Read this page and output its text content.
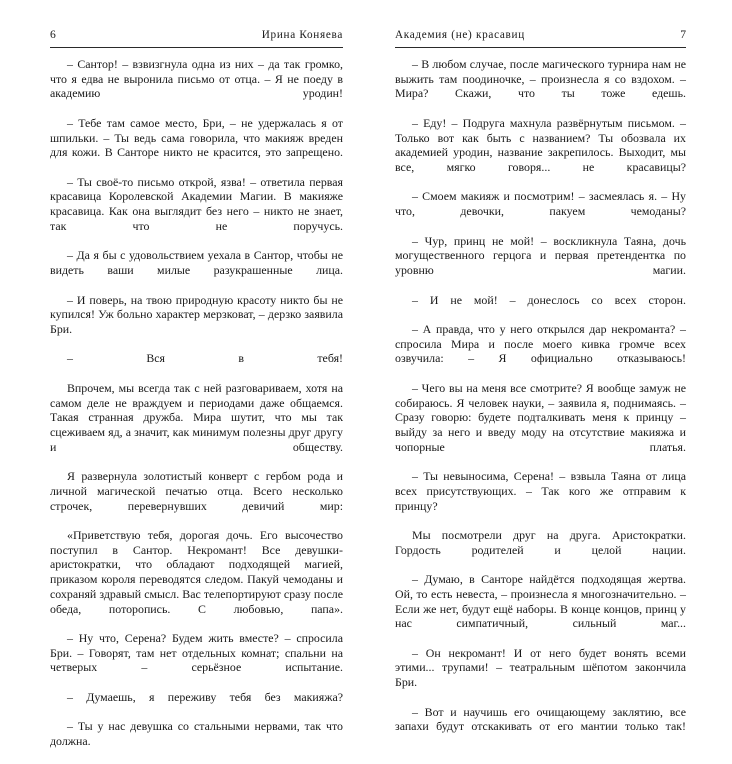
6	Ирина Коняева

– Сантор! – взвизгнула одна из них – да так громко, что я едва не выронила письмо от отца. – Я не поеду в академию уродин!

– Тебе там самое место, Бри, – не удержалась я от шпильки. – Ты ведь сама говорила, что макияж вреден для кожи. В Санторе никто не красится, это запрещено.

– Ты своё-то письмо открой, язва! – ответила первая красавица Королевской Академии Магии. В макияже красавица. Как она выглядит без него – никто не знает, так что не поручусь.

– Да я бы с удовольствием уехала в Сантор, чтобы не видеть ваши милые разукрашенные лица.

– И поверь, на твою природную красоту никто бы не купился! Уж больно характер мерзковат, – дерзко заявила Бри.

– Вся в тебя!

Впрочем, мы всегда так с ней разговариваем, хотя на самом деле не враждуем и периодами даже общаемся. Такая странная дружба. Мира шутит, что мы так сцеживаем яд, а значит, как минимум полезны друг другу и обществу.

Я развернула золотистый конверт с гербом рода и личной магической печатью отца. Всего несколько строчек, перевернувших девичий мир:

«Приветствую тебя, дорогая дочь. Его высочество поступил в Сантор. Некромант! Все девушки-аристократки, что обладают подходящей магией, приказом короля переводятся следом. Пакуй чемоданы и сохраняй здравый смысл. Вас телепортируют сразу после обеда, поторопись. С любовью, папа».

– Ну что, Серена? Будем жить вместе? – спросила Бри. – Говорят, там нет отдельных комнат; спальни на четверых – серьёзное испытание.

– Думаешь, я переживу тебя без макияжа?

– Ты у нас девушка со стальными нервами, так что должна.

Академия (не) красавиц	7

– В любом случае, после магического турнира нам не выжить там поодиночке, – произнесла я со вздохом. – Мира? Скажи, что ты тоже едешь.

– Еду! – Подруга махнула развёрнутым письмом. – Только вот как быть с названием? Ты обозвала их академией уродин, название закрепилось. Выходит, мы все, мягко говоря... не красавицы?

– Смоем макияж и посмотрим! – засмеялась я. – Ну что, девочки, пакуем чемоданы?

– Чур, принц не мой! – воскликнула Таяна, дочь могущественного герцога и первая претендентка по уровню магии.

– И не мой! – донеслось со всех сторон.

– А правда, что у него открылся дар некроманта? – спросила Мира и после моего кивка громче всех озвучила: – Я официально отказываюсь!

– Чего вы на меня все смотрите? Я вообще замуж не собираюсь. Я человек науки, – заявила я, поднимаясь. – Сразу говорю: будете подталкивать меня к принцу – выйду за него и введу моду на отсутствие макияжа и чопорные платья.

– Ты невыносима, Серена! – взвыла Таяна от лица всех присутствующих. – Так кого же отправим к принцу?

Мы посмотрели друг на друга. Аристократки. Гордость родителей и целой нации.

– Думаю, в Санторе найдётся подходящая жертва. Ой, то есть невеста, – произнесла я многозначительно. – Если же нет, будут ещё наборы. В конце концов, принц у нас симпатичный, сильный маг...

– Он некромант! И от него будет вонять всеми этими... трупами! – театральным шёпотом закончила Бри.

– Вот и научишь его очищающему заклятию, все запахи будут отскакивать от его мантии только так!
